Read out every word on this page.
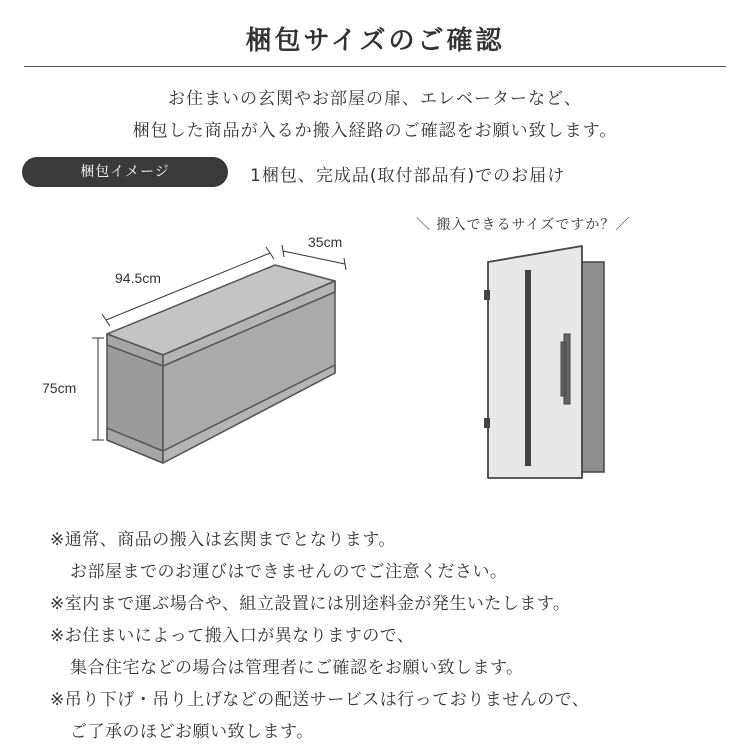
梱包サイズのご確認
お住まいの玄関やお部屋の扉、エレベーターなど、
梱包した商品が入るか搬入経路のご確認をお願い致します。
梱包イメージ	1梱包、完成品(取付部品有)でのお届け
94.5cm
35cm
75cm
＼ 搬入できるサイズですか？／
※通常、商品の搬入は玄関までとなります。
お部屋までのお運びはできませんのでご注意ください。
※室内まで運ぶ場合や、組立設置には別途料金が発生いたします。
※お住まいによって搬入口が異なりますので、
集合住宅などの場合は管理者にご確認をお願い致します。
※吊り下げ・吊り上げなどの配送サービスは行っておりませんので、
ご了承のほどお願い致します。
